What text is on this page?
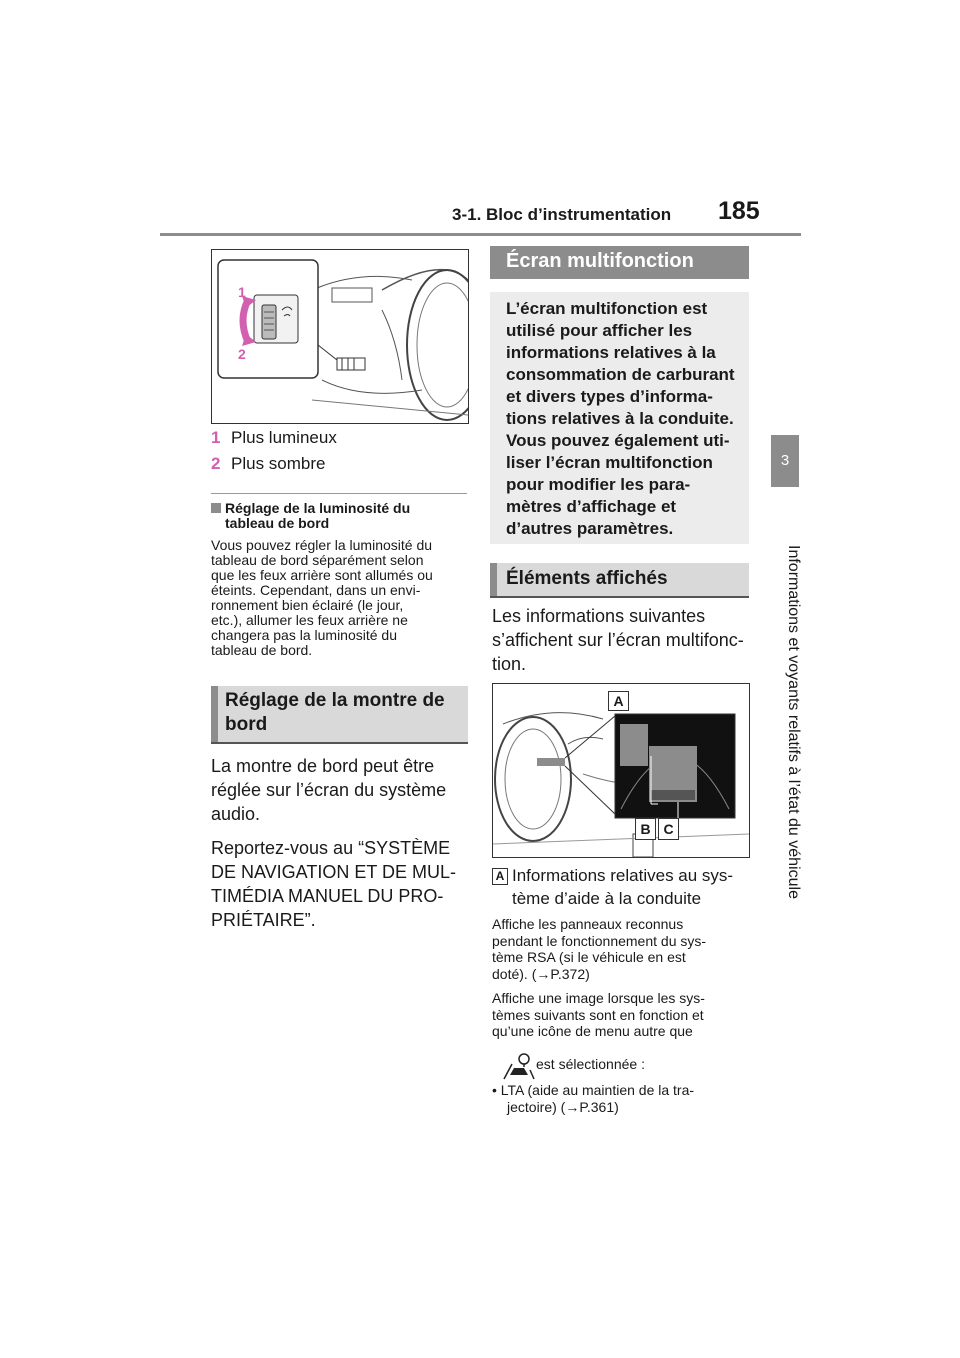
3-1. Bloc d’instrumentation 185
3
Informations et voyants relatifs à l’état du véhicule
1
2
1 Plus lumineux
2 Plus sombre
Réglage de la luminosité du
tableau de bord
Vous pouvez régler la luminosité du
tableau de bord séparément selon
que les feux arrière sont allumés ou
éteints. Cependant, dans un envi-
ronnement bien éclairé (le jour,
etc.), allumer les feux arrière ne
changera pas la luminosité du
tableau de bord.
Réglage de la montre de
bord
La montre de bord peut être
réglée sur l’écran du système
audio.
Reportez-vous au “SYSTÈME
DE NAVIGATION ET DE MUL-
TIMÉDIA MANUEL DU PRO-
PRIÉTAIRE”.
Écran multifonction
L’écran multifonction est
utilisé pour afficher les
informations relatives à la
consommation de carburant
et divers types d’informa-
tions relatives à la conduite.
Vous pouvez également uti-
liser l’écran multifonction
pour modifier les para-
mètres d’affichage et
d’autres paramètres.
Éléments affichés
Les informations suivantes
s’affichent sur l’écran multifonc-
tion.
A
B C
A Informations relatives au sys-
tème d’aide à la conduite
Affiche les panneaux reconnus
pendant le fonctionnement du sys-
tème RSA (si le véhicule en est
doté). (→P.372)
Affiche une image lorsque les sys-
tèmes suivants sont en fonction et
qu’une icône de menu autre que
est sélectionnée :
• LTA (aide au maintien de la tra-
jectoire) (→P.361)
